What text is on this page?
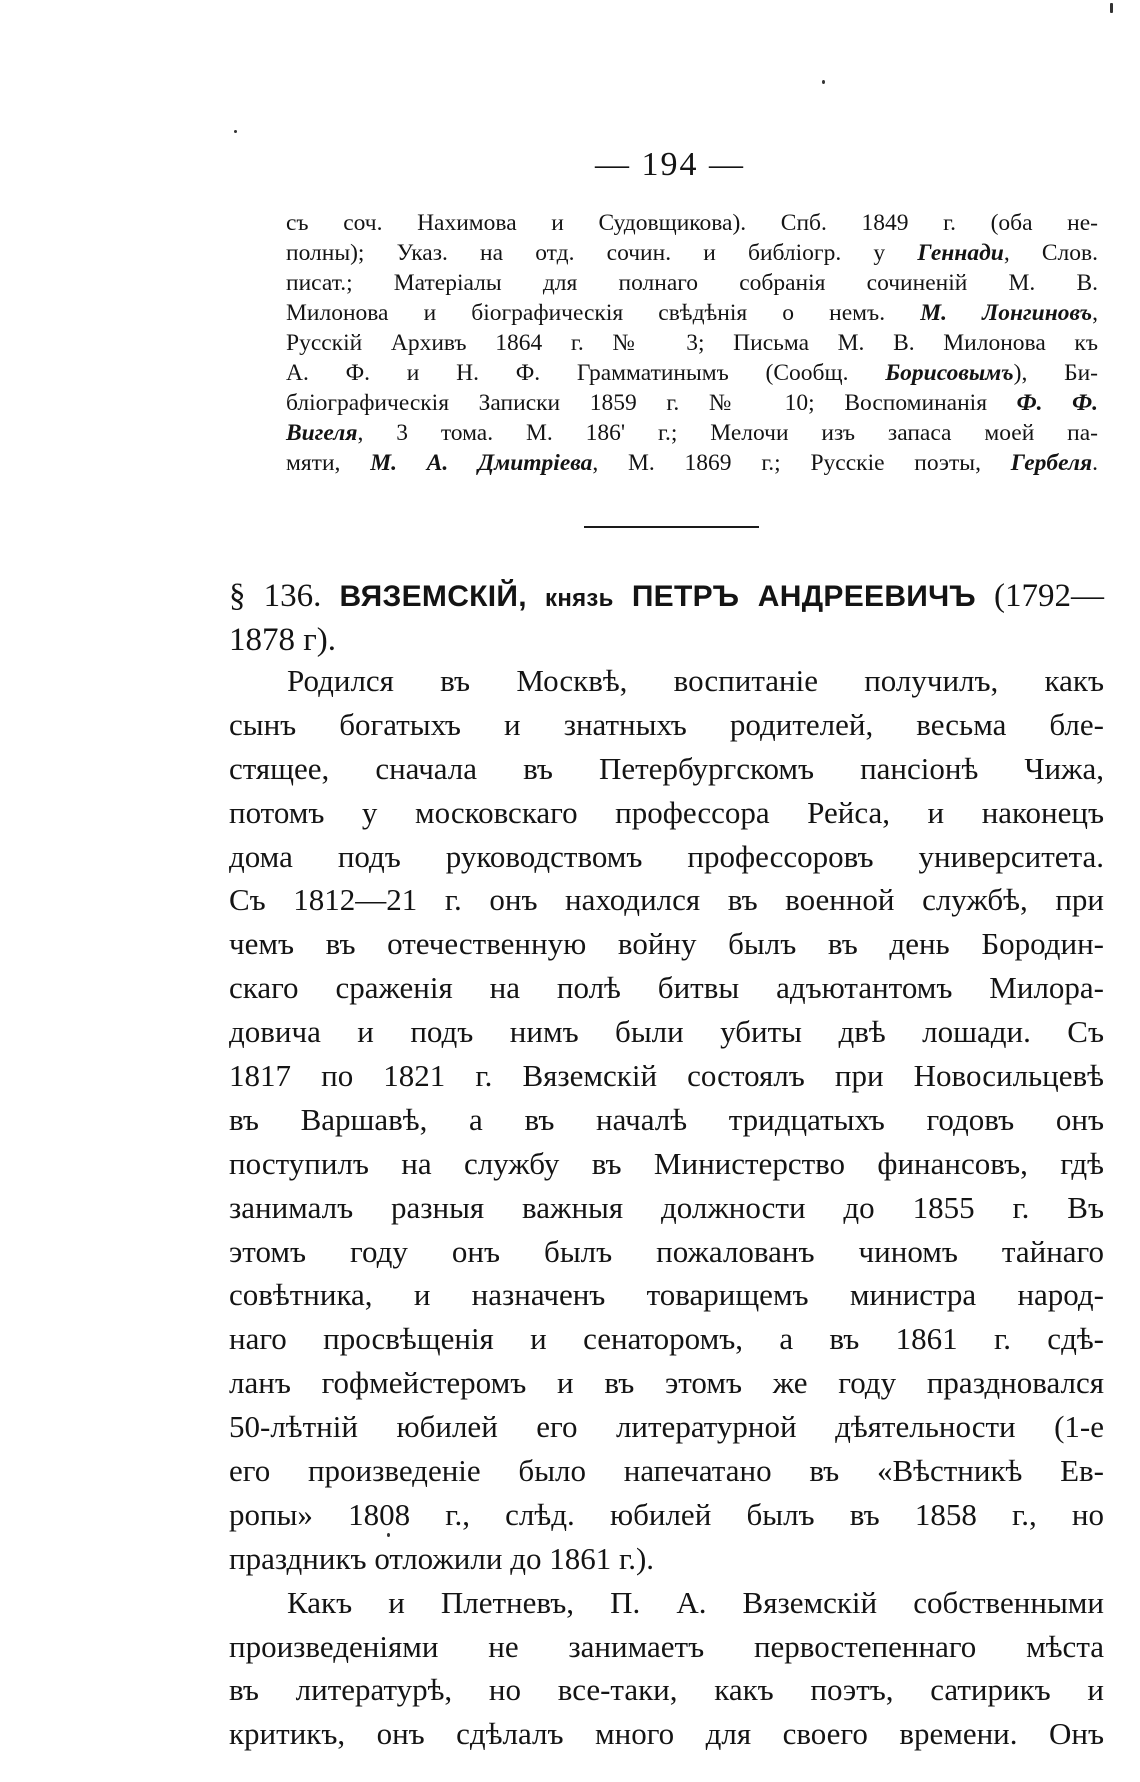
— 194 —
съ соч. Нахимова и Судовщикова). Спб. 1849 г. (оба не-
полны); Указ. на отд. сочин. и библіогр. у Геннади, Слов.
писат.; Матеріалы для полнаго собранія сочиненій М. В.
Милонова и біографическія свѣдѣнія о немъ. М. Лонгиновъ,
Русскій Архивъ 1864 г. № 3; Письма М. В. Милонова къ
А. Ф. и Н. Ф. Грамматинымъ (Сообщ. Борисовымъ), Би-
бліографическія Записки 1859 г. № 10; Воспоминанія Ф. Ф.
Вигеля, 3 тома. М. 186' г.; Мелочи изъ запаса моей па-
мяти, М. А. Дмитріева, М. 1869 г.; Русскіе поэты, Гербеля.
§ 136. ВЯЗЕМСКІЙ, князь ПЕТРЪ АНДРЕЕВИЧЪ (1792—
1878 г).
Родился въ Москвѣ, воспитаніе получилъ, какъ
сынъ богатыхъ и знатныхъ родителей, весьма бле-
стящее, сначала въ Петербургскомъ пансіонѣ Чижа,
потомъ у московскаго профессора Рейса, и наконецъ
дома подъ руководствомъ профессоровъ университета.
Съ 1812—21 г. онъ находился въ военной службѣ, при
чемъ въ отечественную войну былъ въ день Бородин-
скаго сраженія на полѣ битвы адъютантомъ Милора-
довича и подъ нимъ были убиты двѣ лошади. Съ
1817 по 1821 г. Вяземскій состоялъ при Новосильцевѣ
въ Варшавѣ, а въ началѣ тридцатыхъ годовъ онъ
поступилъ на службу въ Министерство финансовъ, гдѣ
занималъ разныя важныя должности до 1855 г. Въ
этомъ году онъ былъ пожалованъ чиномъ тайнаго
совѣтника, и назначенъ товарищемъ министра народ-
наго просвѣщенія и сенаторомъ, а въ 1861 г. сдѣ-
ланъ гофмейстеромъ и въ этомъ же году праздновался
50-лѣтній юбилей его литературной дѣятельности (1-е
его произведеніе было напечатано въ «Вѣстникѣ Ев-
ропы» 1808 г., слѣд. юбилей былъ въ 1858 г., но
праздникъ отложили до 1861 г.).
Какъ и Плетневъ, П. А. Вяземскій собственными
произведеніями не занимаетъ первостепеннаго мѣста
въ литературѣ, но все-таки, какъ поэтъ, сатирикъ и
критикъ, онъ сдѣлалъ много для своего времени. Онъ
